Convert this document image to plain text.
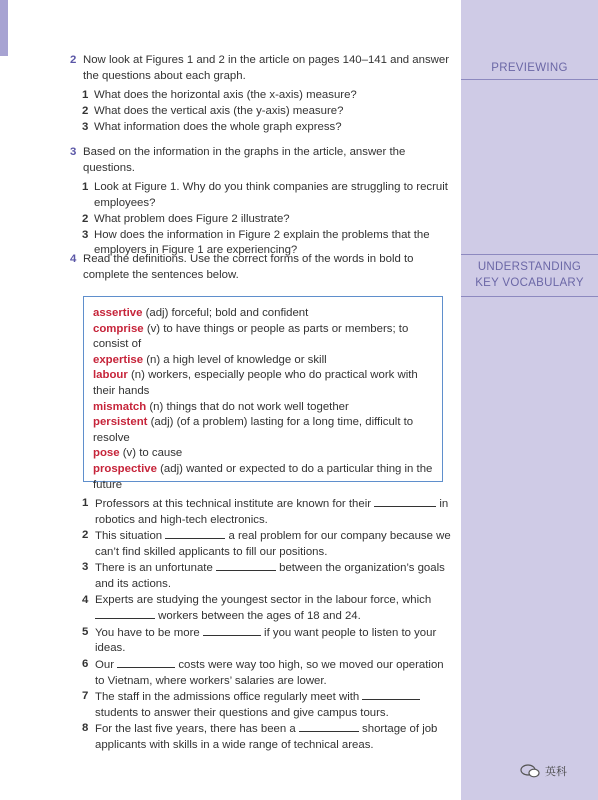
PREVIEWING
UNDERSTANDING
KEY VOCABULARY
2 Now look at Figures 1 and 2 in the article on pages 140–141 and answer the questions about each graph.
1 What does the horizontal axis (the x-axis) measure?
2 What does the vertical axis (the y-axis) measure?
3 What information does the whole graph express?
3 Based on the information in the graphs in the article, answer the questions.
1 Look at Figure 1. Why do you think companies are struggling to recruit employees?
2 What problem does Figure 2 illustrate?
3 How does the information in Figure 2 explain the problems that the employers in Figure 1 are experiencing?
4 Read the definitions. Use the correct forms of the words in bold to complete the sentences below.
assertive (adj) forceful; bold and confident
comprise (v) to have things or people as parts or members; to consist of
expertise (n) a high level of knowledge or skill
labour (n) workers, especially people who do practical work with their hands
mismatch (n) things that do not work well together
persistent (adj) (of a problem) lasting for a long time, difficult to resolve
pose (v) to cause
prospective (adj) wanted or expected to do a particular thing in the future
1 Professors at this technical institute are known for their	in robotics and high-tech electronics.
2 This situation	a real problem for our company because we can’t find skilled applicants to fill our positions.
3 There is an unfortunate	between the organization’s goals and its actions.
4 Experts are studying the youngest sector in the labour force, which  workers between the ages of 18 and 24.
5 You have to be more	if you want people to listen to your ideas.
6 Our	costs were way too high, so we moved our operation to Vietnam, where workers’ salaries are lower.
7 The staff in the admissions office regularly meet with  students to answer their questions and give campus tours.
8 For the last five years, there has been a	shortage of job applicants with skills in a wide range of technical areas.
英科
